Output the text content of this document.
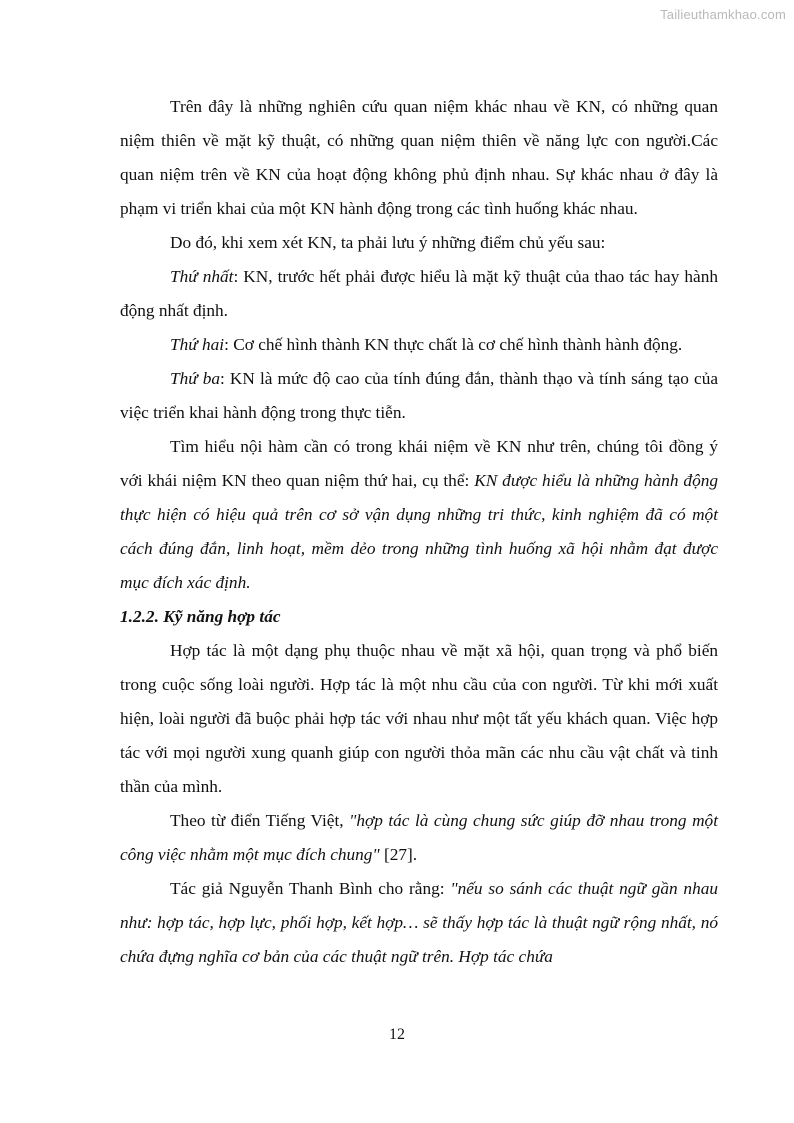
Tailieuthamkhao.com

Trên đây là những nghiên cứu quan niệm khác nhau về KN, có những quan niệm thiên về mặt kỹ thuật, có những quan niệm thiên về năng lực con người.Các quan niệm trên về KN của hoạt động không phủ định nhau. Sự khác nhau ở đây là phạm vi triển khai của một KN hành động trong các tình huống khác nhau.

Do đó, khi xem xét KN, ta phải lưu ý những điểm chủ yếu sau:

Thứ nhất: KN, trước hết phải được hiểu là mặt kỹ thuật của thao tác hay hành động nhất định.

Thứ hai: Cơ chế hình thành KN thực chất là cơ chế hình thành hành động.

Thứ ba: KN là mức độ cao của tính đúng đắn, thành thạo và tính sáng tạo của việc triển khai hành động trong thực tiễn.

Tìm hiểu nội hàm cần có trong khái niệm về KN như trên, chúng tôi đồng ý với khái niệm KN theo quan niệm thứ hai, cụ thể: KN được hiểu là những hành động thực hiện có hiệu quả trên cơ sở vận dụng những tri thức, kinh nghiệm đã có một cách đúng đắn, linh hoạt, mềm dẻo trong những tình huống xã hội nhằm đạt được mục đích xác định.

1.2.2. Kỹ năng hợp tác

Hợp tác là một dạng phụ thuộc nhau về mặt xã hội, quan trọng và phổ biến trong cuộc sống loài người. Hợp tác là một nhu cầu của con người. Từ khi mới xuất hiện, loài người đã buộc phải hợp tác với nhau như một tất yếu khách quan. Việc hợp tác với mọi người xung quanh giúp con người thỏa mãn các nhu cầu vật chất và tinh thần của mình.

Theo từ điển Tiếng Việt, "hợp tác là cùng chung sức giúp đỡ nhau trong một công việc nhằm một mục đích chung" [27].

Tác giả Nguyễn Thanh Bình cho rằng: "nếu so sánh các thuật ngữ gần nhau như: hợp tác, hợp lực, phối hợp, kết hợp… sẽ thấy hợp tác là thuật ngữ rộng nhất, nó chứa đựng nghĩa cơ bản của các thuật ngữ trên. Hợp tác chứa

12
